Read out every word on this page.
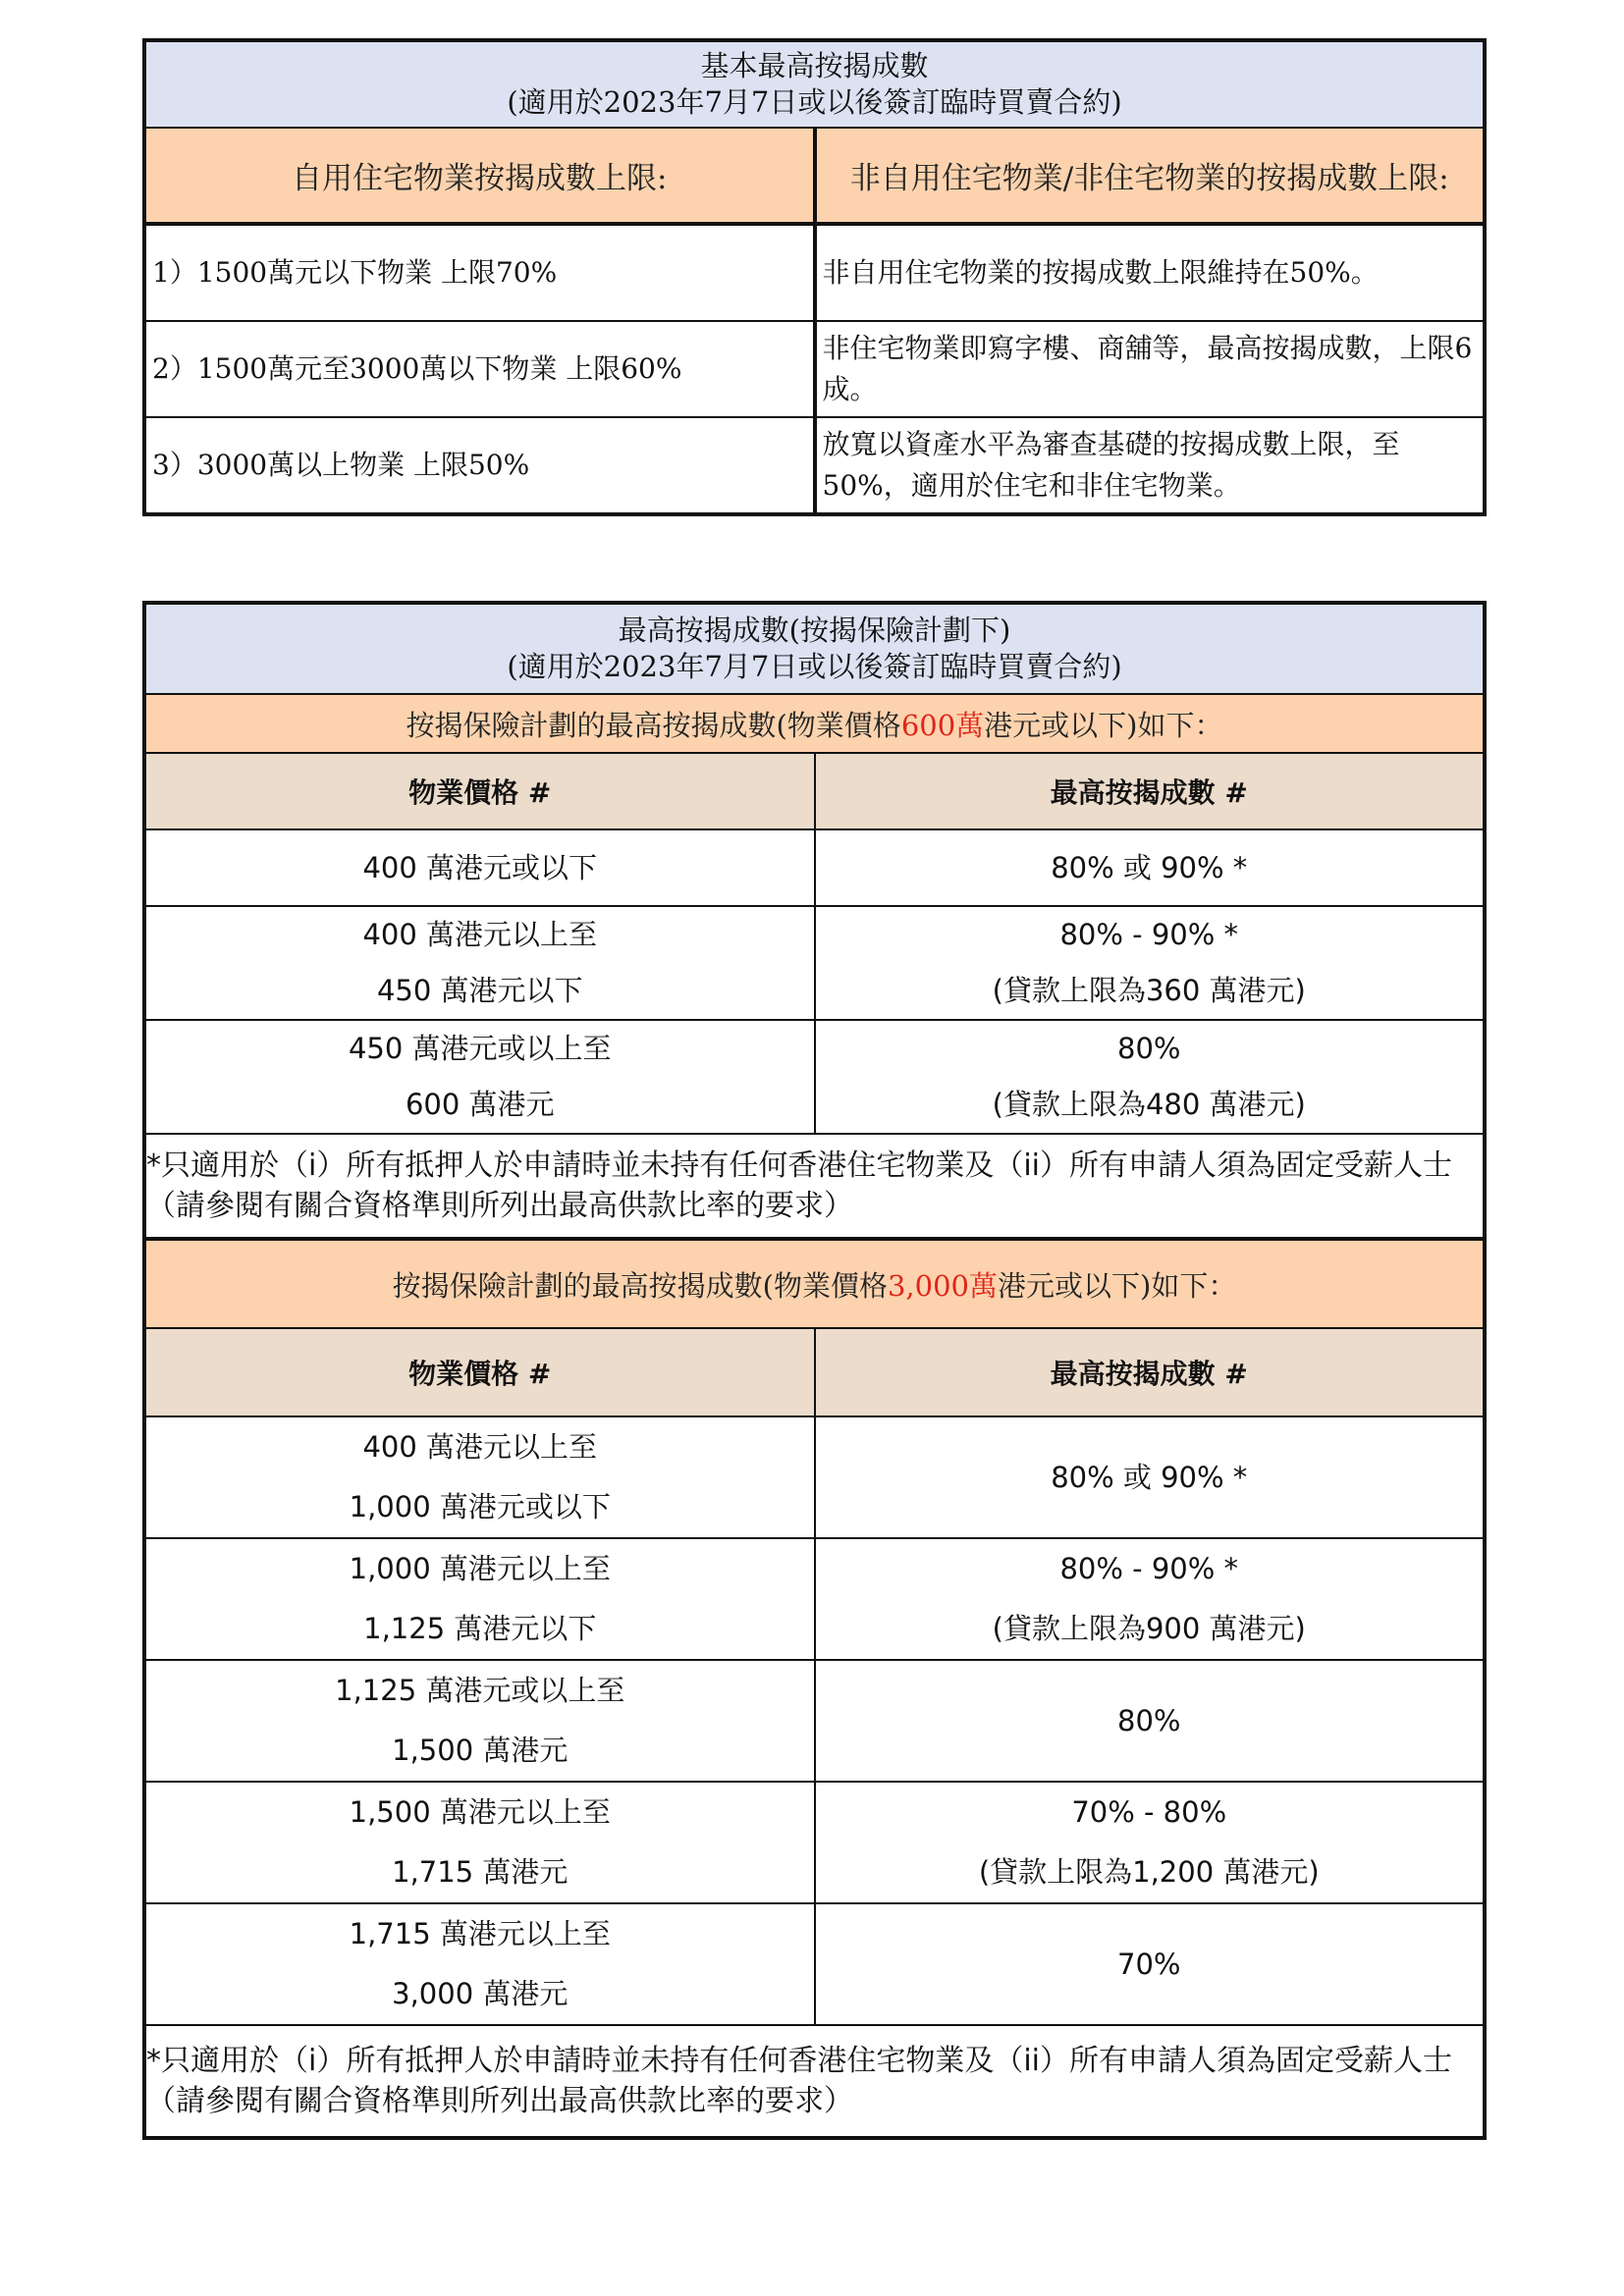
基本最高按揭成數
(適用於2023年7月7日或以後簽訂臨時買賣合約)	

自用住宅物業按揭成數上限:	非自用住宅物業/非住宅物業的按揭成數上限:
1）1500萬元以下物業 上限70%	非自用住宅物業的按揭成數上限維持在50%。
2）1500萬元至3000萬以下物業 上限60%	非住宅物業即寫字樓、商舖等，最高按揭成數，上限6成。
3）3000萬以上物業 上限50%	放寬以資產水平為審查基礎的按揭成數上限，至50%，適用於住宅和非住宅物業。
最高按揭成數(按揭保險計劃下)
(適用於2023年7月7日或以後簽訂臨時買賣合約)	

按揭保險計劃的最高按揭成數(物業價格600萬港元或以下)如下：	
物業價格 #	最高按揭成數 #

400 萬港元或以下	80% 或 90% *

400 萬港元以上至
450 萬港元以下	80% - 90% *
(貸款上限為360 萬港元)

450 萬港元或以上至
600 萬港元	80%
(貸款上限為480 萬港元)

*只適用於（i）所有抵押人於申請時並未持有任何香港住宅物業及（ii）所有申請人須為固定受薪人士（請參閱有關合資格準則所列出最高供款比率的要求）	
按揭保險計劃的最高按揭成數(物業價格3,000萬港元或以下)如下：	
物業價格 #	最高按揭成數 #

400 萬港元以上至
1,000 萬港元或以下	80% 或 90% *

1,000 萬港元以上至
1,125 萬港元以下	80% - 90% *
(貸款上限為900 萬港元)

1,125 萬港元或以上至
1,500 萬港元	80%

1,500 萬港元以上至
1,715 萬港元	70% - 80%
(貸款上限為1,200 萬港元)

1,715 萬港元以上至
3,000 萬港元	70%

*只適用於（i）所有抵押人於申請時並未持有任何香港住宅物業及（ii）所有申請人須為固定受薪人士 （請參閱有關合資格準則所列出最高供款比率的要求）	
